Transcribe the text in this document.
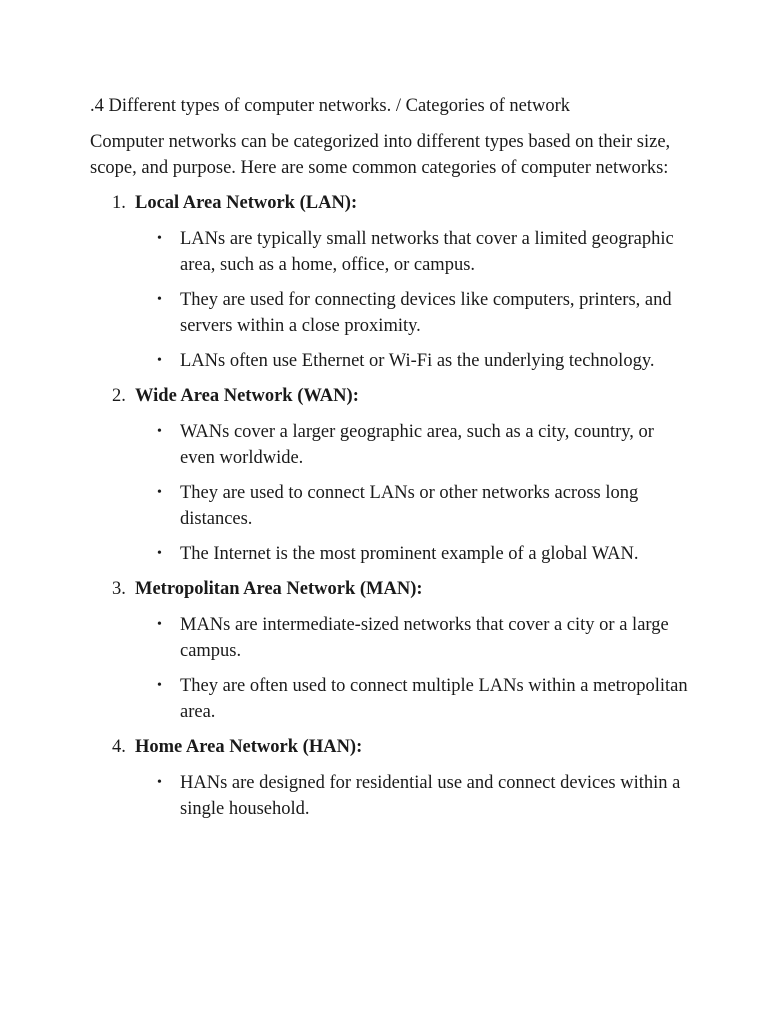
.4 Different types of computer networks. / Categories of network

Computer networks can be categorized into different types based on their size, scope, and purpose. Here are some common categories of computer networks:

1. Local Area Network (LAN):
• LANs are typically small networks that cover a limited geographic area, such as a home, office, or campus.
• They are used for connecting devices like computers, printers, and servers within a close proximity.
• LANs often use Ethernet or Wi-Fi as the underlying technology.
2. Wide Area Network (WAN):
• WANs cover a larger geographic area, such as a city, country, or even worldwide.
• They are used to connect LANs or other networks across long distances.
• The Internet is the most prominent example of a global WAN.
3. Metropolitan Area Network (MAN):
• MANs are intermediate-sized networks that cover a city or a large campus.
• They are often used to connect multiple LANs within a metropolitan area.
4. Home Area Network (HAN):
• HANs are designed for residential use and connect devices within a single household.
